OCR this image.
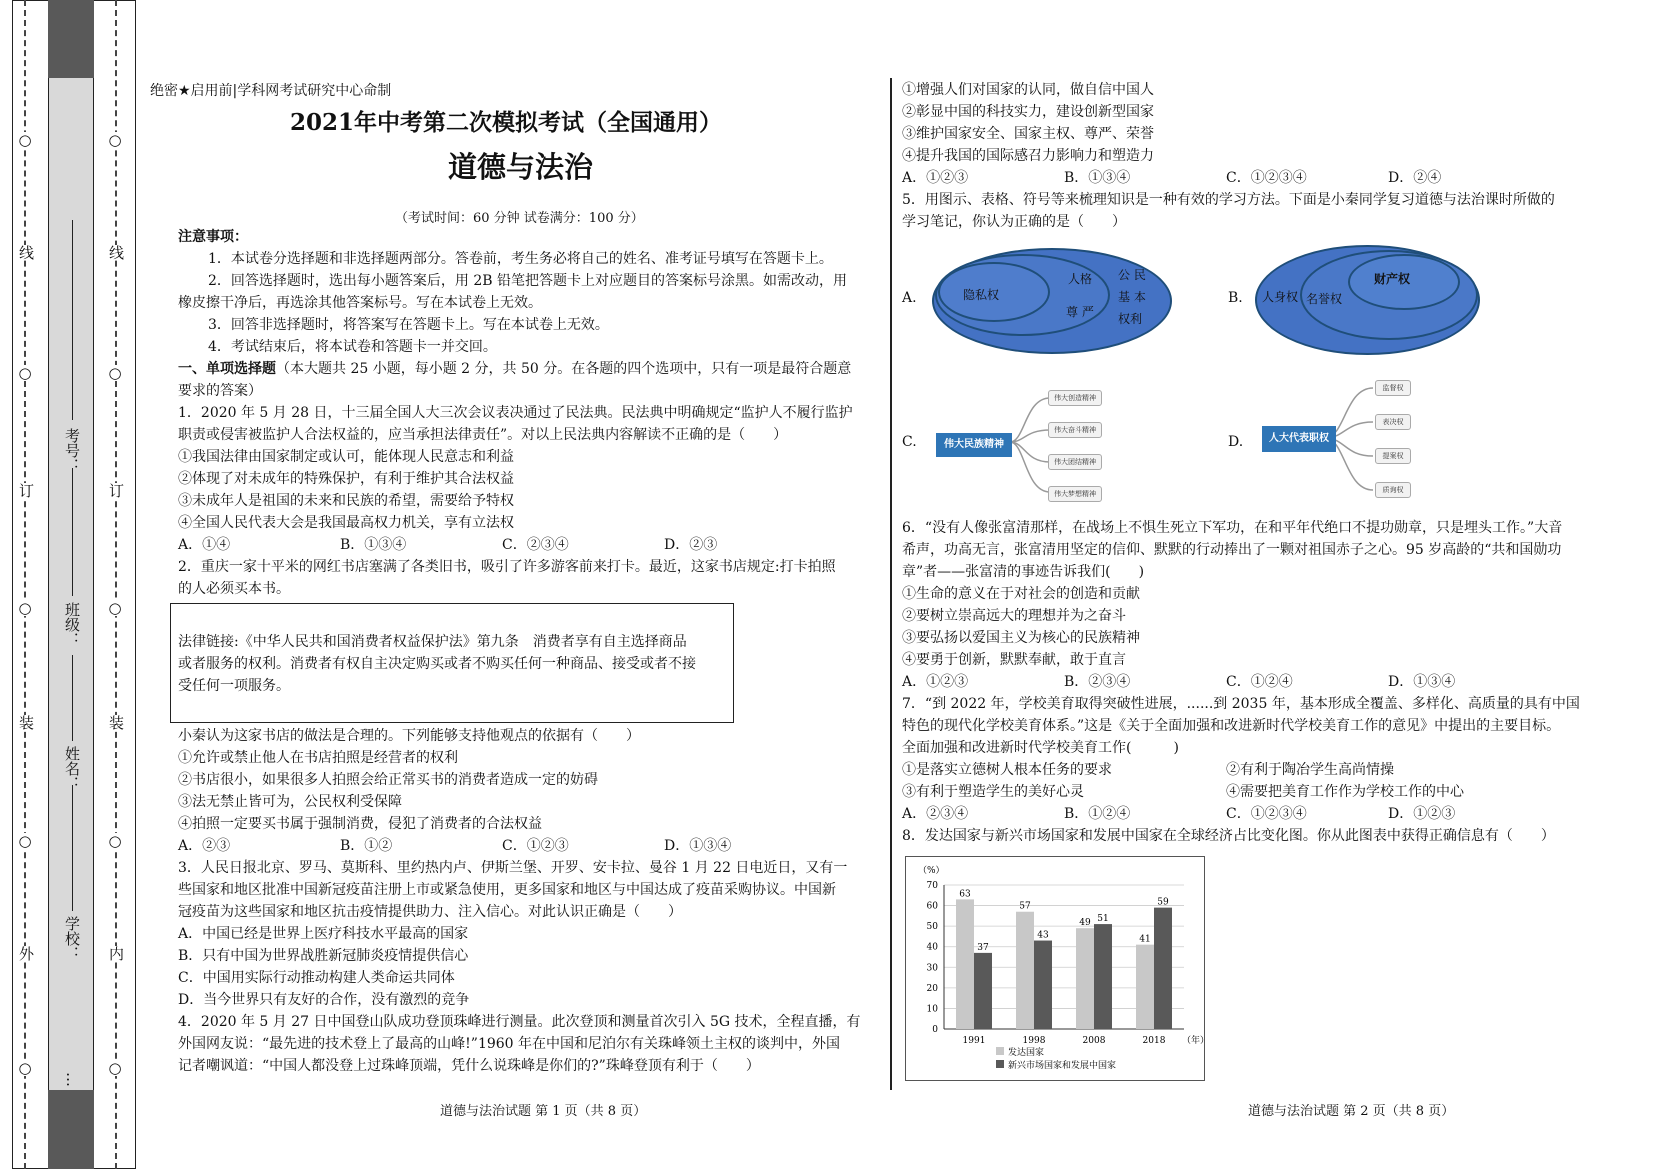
○
线
○
订
○
装
○
外
○
○
线
○
订
○
装
○
内
○
考号：
班级：
姓名：
学校：
…
绝密★启用前|学科网考试研究中心命制
2021年中考第二次模拟考试（全国通用）
道德与法治
（考试时间：60 分钟 试卷满分：100 分）
注意事项：
1．本试卷分选择题和非选择题两部分。答卷前，考生务必将自己的姓名、准考证号填写在答题卡上。
2．回答选择题时，选出每小题答案后，用 2B 铅笔把答题卡上对应题目的答案标号涂黑。如需改动，用
橡皮擦干净后，再选涂其他答案标号。写在本试卷上无效。
3．回答非选择题时，将答案写在答题卡上。写在本试卷上无效。
4．考试结束后，将本试卷和答题卡一并交回。
一、单项选择题（本大题共 25 小题，每小题 2 分，共 50 分。在各题的四个选项中，只有一项是最符合题意
要求的答案）
1．2020 年 5 月 28 日，十三届全国人大三次会议表决通过了民法典。民法典中明确规定“监护人不履行监护
职责或侵害被监护人合法权益的，应当承担法律责任”。对以上民法典内容解读不正确的是（　　）
①我国法律由国家制定或认可，能体现人民意志和利益
②体现了对未成年的特殊保护，有利于维护其合法权益
③未成年人是祖国的未来和民族的希望，需要给予特权
④全国人民代表大会是我国最高权力机关，享有立法权
A．①④	B．①③④	C．②③④	D．②③
2．重庆一家十平米的网红书店塞满了各类旧书，吸引了许多游客前来打卡。最近，这家书店规定:打卡拍照
的人必须买本书。
法律链接:《中华人民共和国消费者权益保护法》第九条　消费者享有自主选择商品
或者服务的权利。消费者有权自主决定购买或者不购买任何一种商品、接受或者不接
受任何一项服务。
小秦认为这家书店的做法是合理的。下列能够支持他观点的依据有（　　）
①允许或禁止他人在书店拍照是经营者的权利
②书店很小，如果很多人拍照会给正常买书的消费者造成一定的妨碍
③法无禁止皆可为，公民权利受保障
④拍照一定要买书属于强制消费，侵犯了消费者的合法权益
A．②③	B．①②	C．①②③	D．①③④
3．人民日报北京、罗马、莫斯科、里约热内卢、伊斯兰堡、开罗、安卡拉、曼谷 1 月 22 日电近日，又有一
些国家和地区批准中国新冠疫苗注册上市或紧急使用，更多国家和地区与中国达成了疫苗采购协议。中国新
冠疫苗为这些国家和地区抗击疫情提供助力、注入信心。对此认识正确是（　　）
A．中国已经是世界上医疗科技水平最高的国家
B．只有中国为世界战胜新冠肺炎疫情提供信心
C．中国用实际行动推动构建人类命运共同体
D．当今世界只有友好的合作，没有激烈的竞争
4．2020 年 5 月 27 日中国登山队成功登顶珠峰进行测量。此次登顶和测量首次引入 5G 技术，全程直播，有
外国网友说：“最先进的技术登上了最高的山峰!”1960 年在中国和尼泊尔有关珠峰领土主权的谈判中，外国
记者嘲讽道：“中国人都没登上过珠峰顶端，凭什么说珠峰是你们的?”珠峰登顶有利于（　　）
道德与法治试题 第 1 页（共 8 页）
①增强人们对国家的认同，做自信中国人
②彰显中国的科技实力，建设创新型国家
③维护国家安全、国家主权、尊严、荣誉
④提升我国的国际感召力影响力和塑造力
A．①②③	B．①③④	C．①②③④	D．②④
5．用图示、表格、符号等来梳理知识是一种有效的学习方法。下面是小秦同学复习道德与法治课时所做的
学习笔记，你认为正确的是（　　）
A.	隐私权
人格
尊 严
公 民
基 本
权利
B. 人身权 名誉权
财产权
C.	伟大民族精神
伟大创造精神
伟大奋斗精神
伟大团结精神
伟大梦想精神
D.	人大代表职权
监督权
表决权
提案权
质询权
6．“没有人像张富清那样，在战场上不惧生死立下军功，在和平年代绝口不提功勋章，只是埋头工作。”大音
希声，功高无言，张富清用坚定的信仰、默默的行动捧出了一颗对祖国赤子之心。95 岁高龄的“共和国勋功
章”者——张富清的事迹告诉我们(　　)
①生命的意义在于对社会的创造和贡献
②要树立崇高远大的理想并为之奋斗
③要弘扬以爱国主义为核心的民族精神
④要勇于创新，默默奉献，敢于直言
A．①②③	B．②③④	C．①②④	D．①③④
7．“到 2022 年，学校美育取得突破性进展，......到 2035 年，基本形成全覆盖、多样化、高质量的具有中国
特色的现代化学校美育体系。”这是《关于全面加强和改进新时代学校美育工作的意见》中提出的主要目标。
全面加强和改进新时代学校美育工作(　　　)
①是落实立德树人根本任务的要求	②有利于陶冶学生高尚情操
③有利于塑造学生的美好心灵	④需要把美育工作作为学校工作的中心
A．②③④	B．①②④	C．①②③④	D．①②③
8．发达国家与新兴市场国家和发展中国家在全球经济占比变化图。你从此图表中获得正确信息有（　　）
（%）
0
10
20
30
40
50
60
70
63
37
1991
57
43
1998
49 51
2008
41
59
2018 （年）
发达国家
新兴市场国家和发展中国家
道德与法治试题 第 2 页（共 8 页）
